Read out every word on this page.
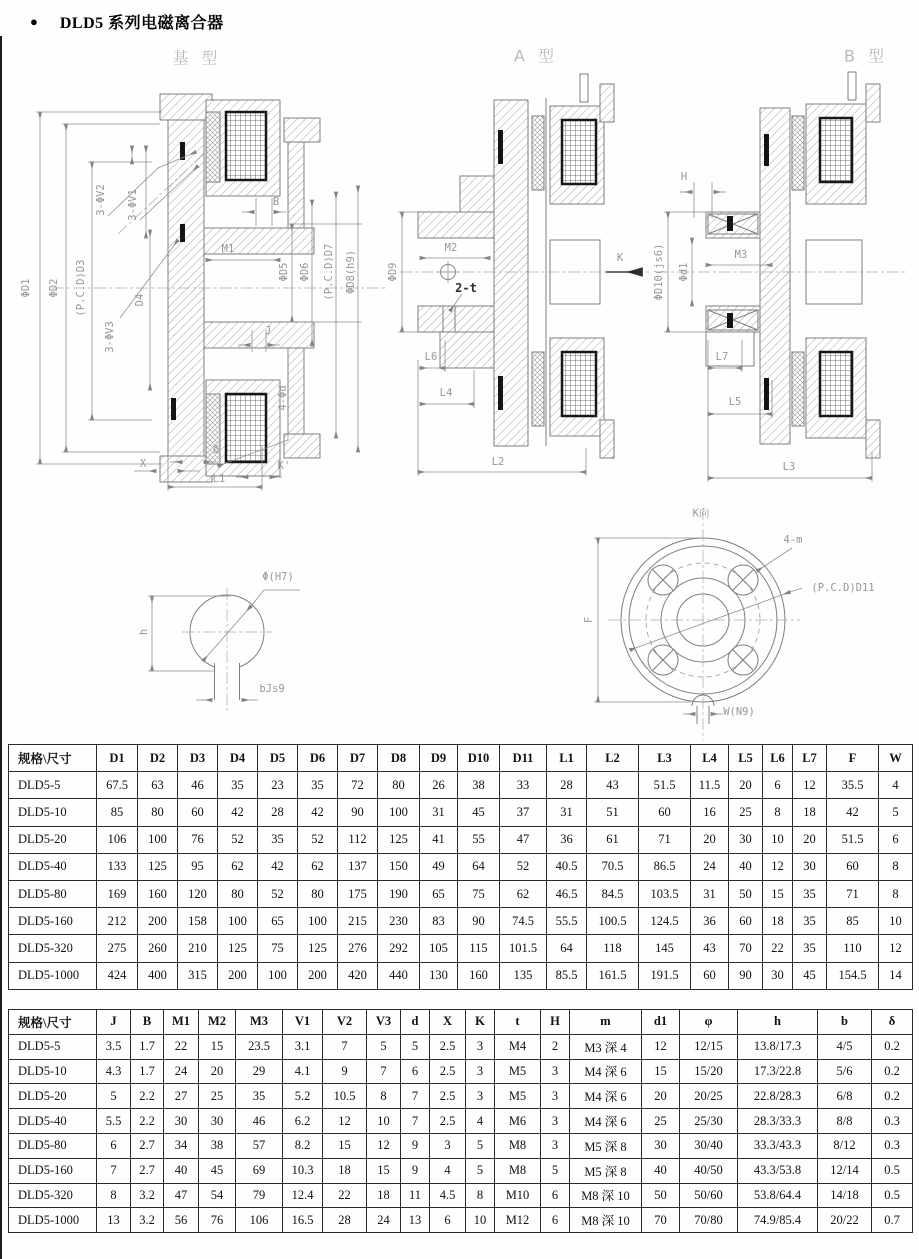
● DLD5 系列电磁离合器
基 型	A 型	B 型
ΦD1 ΦD2 (P.C.D)D3	D4
3-ΦV2 3-ΦV1
3-ΦV3
B
M1
ΦD5 ΦD6 (P.C.D)D7 ΦD8(h9)
J
4-Φd
δ
X
L1
K'
ΦD9
M2
2-t
L6
L4
L2
K
H
ΦD10(js6) Φd1
M3
L7
L5
L3
Φ(H7)
h
bJs9
K向
4-m
(P.C.D)D11
F
W(N9)
规格\尺寸	D1	D2	D3	D4	D5	D6	D7	D8	D9	D10	D11	L1	L2	L3	L4	L5	L6	L7	F	W
DLD5-5	67.5	63	46	35	23	35	72	80	26	38	33	28	43	51.5	11.5	20	6	12	35.5	4
DLD5-10	85	80	60	42	28	42	90	100	31	45	37	31	51	60	16	25	8	18	42	5
DLD5-20	106	100	76	52	35	52	112	125	41	55	47	36	61	71	20	30	10	20	51.5	6
DLD5-40	133	125	95	62	42	62	137	150	49	64	52	40.5	70.5	86.5	24	40	12	30	60	8
DLD5-80	169	160	120	80	52	80	175	190	65	75	62	46.5	84.5	103.5	31	50	15	35	71	8
DLD5-160	212	200	158	100	65	100	215	230	83	90	74.5	55.5	100.5	124.5	36	60	18	35	85	10
DLD5-320	275	260	210	125	75	125	276	292	105	115	101.5	64	118	145	43	70	22	35	110	12
DLD5-1000	424	400	315	200	100	200	420	440	130	160	135	85.5	161.5	191.5	60	90	30	45	154.5	14
规格\尺寸	J	B	M1	M2	M3	V1	V2	V3	d	X	K	t	H	m	d1	φ	h	b	δ
DLD5-5	3.5	1.7	22	15	23.5	3.1	7	5	5	2.5	3	M4	2	M3 深 4	12	12/15	13.8/17.3	4/5	0.2
DLD5-10	4.3	1.7	24	20	29	4.1	9	7	6	2.5	3	M5	3	M4 深 6	15	15/20	17.3/22.8	5/6	0.2
DLD5-20	5	2.2	27	25	35	5.2	10.5	8	7	2.5	3	M5	3	M4 深 6	20	20/25	22.8/28.3	6/8	0.2
DLD5-40	5.5	2.2	30	30	46	6.2	12	10	7	2.5	4	M6	3	M4 深 6	25	25/30	28.3/33.3	8/8	0.3
DLD5-80	6	2.7	34	38	57	8.2	15	12	9	3	5	M8	3	M5 深 8	30	30/40	33.3/43.3	8/12	0.3
DLD5-160	7	2.7	40	45	69	10.3	18	15	9	4	5	M8	5	M5 深 8	40	40/50	43.3/53.8	12/14	0.5
DLD5-320	8	3.2	47	54	79	12.4	22	18	11	4.5	8	M10	6	M8 深 10	50	50/60	53.8/64.4	14/18	0.5
DLD5-1000	13	3.2	56	76	106	16.5	28	24	13	6	10	M12	6	M8 深 10	70	70/80	74.9/85.4	20/22	0.7
